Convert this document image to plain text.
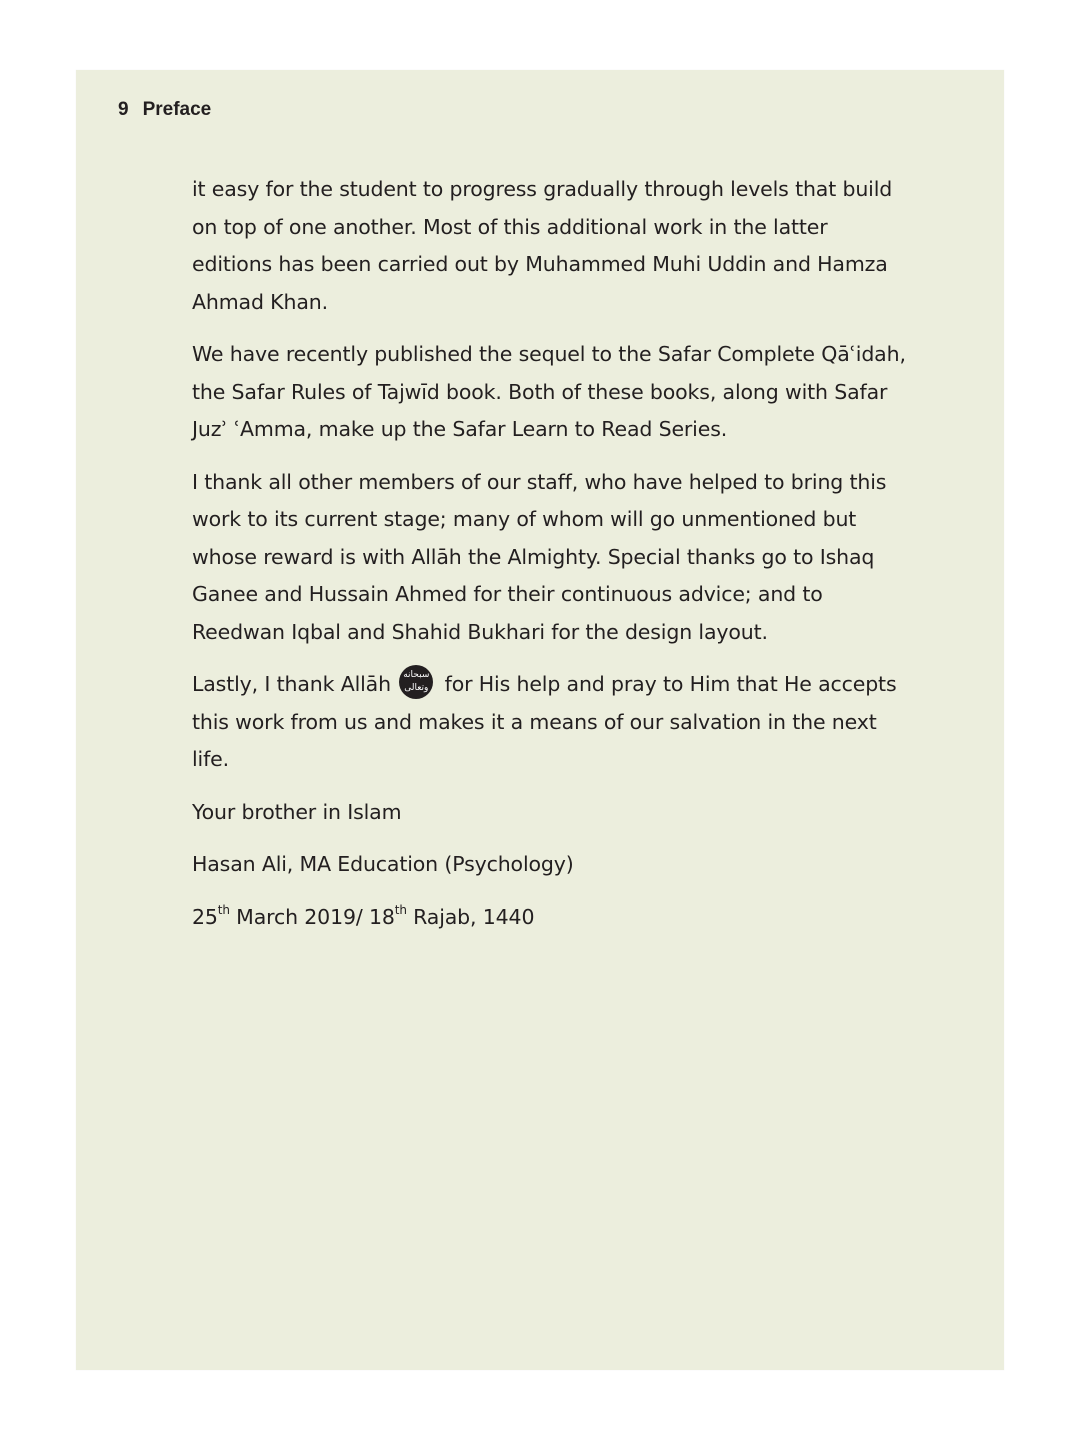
9 Preface

it easy for the student to progress gradually through levels that build on top of one another. Most of this additional work in the latter editions has been carried out by Muhammed Muhi Uddin and Hamza Ahmad Khan.

We have recently published the sequel to the Safar Complete Qāʿidah, the Safar Rules of Tajwīd book. Both of these books, along with Safar Juzʾ ʿAmma, make up the Safar Learn to Read Series.

I thank all other members of our staff, who have helped to bring this work to its current stage; many of whom will go unmentioned but whose reward is with Allāh the Almighty. Special thanks go to Ishaq Ganee and Hussain Ahmed for their continuous advice; and to Reedwan Iqbal and Shahid Bukhari for the design layout.

Lastly, I thank Allāh سبحانه
وتعالى for His help and pray to Him that He accepts this work from us and makes it a means of our salvation in the next life.

Your brother in Islam

Hasan Ali, MA Education (Psychology)

25th March 2019/ 18th Rajab, 1440
